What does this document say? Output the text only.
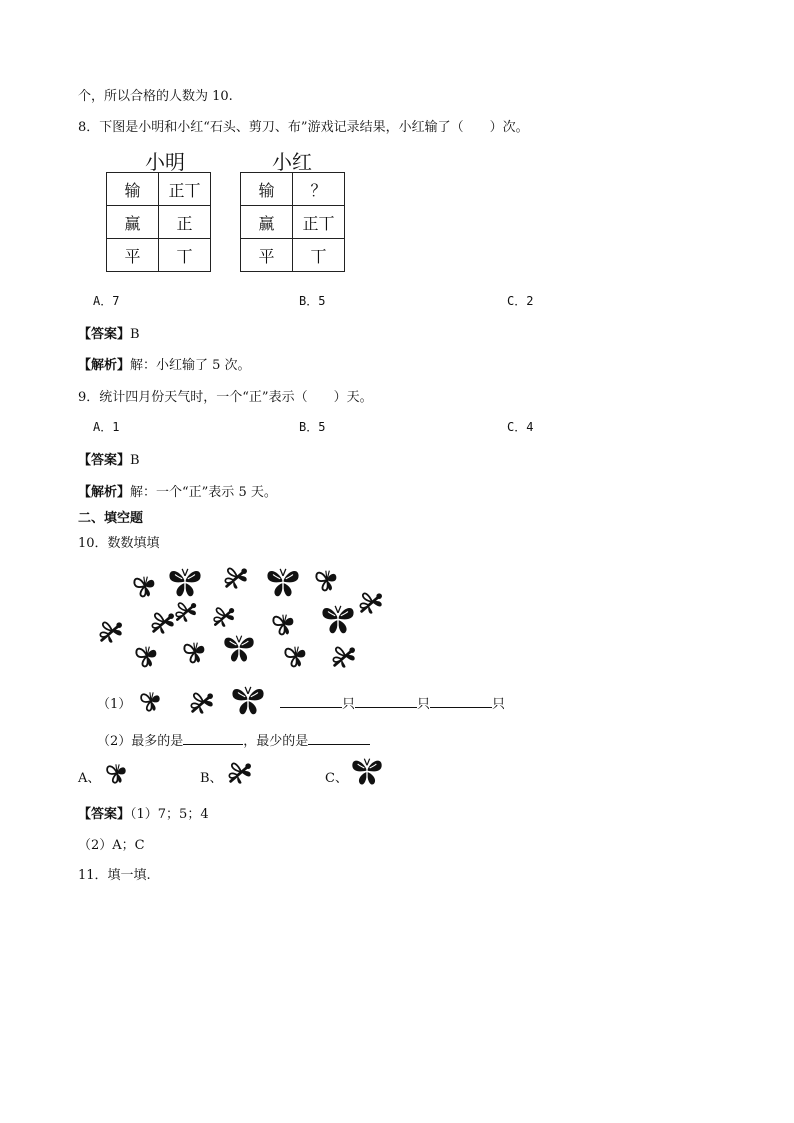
个，所以合格的人数为 10.
8．下图是小明和小红“石头、剪刀、布”游戏记录结果，小红输了（　　）次。
小明
输	正丅
赢	正
平	丅
小红
输	？
赢	正丅
平	丅
A．7	B．5	C．2
【答案】B
【解析】解：小红输了 5 次。
9．统计四月份天气时，一个“正”表示（　　）天。
A．1	B．5	C．4
【答案】B
【解析】解：一个“正”表示 5 天。
二、填空题
10．数数填填
（1）	只	只	只
（2）最多的是	，最少的是
A、	B、	C、
【答案】（1）7；5；4
（2）A；C
11．填一填.
